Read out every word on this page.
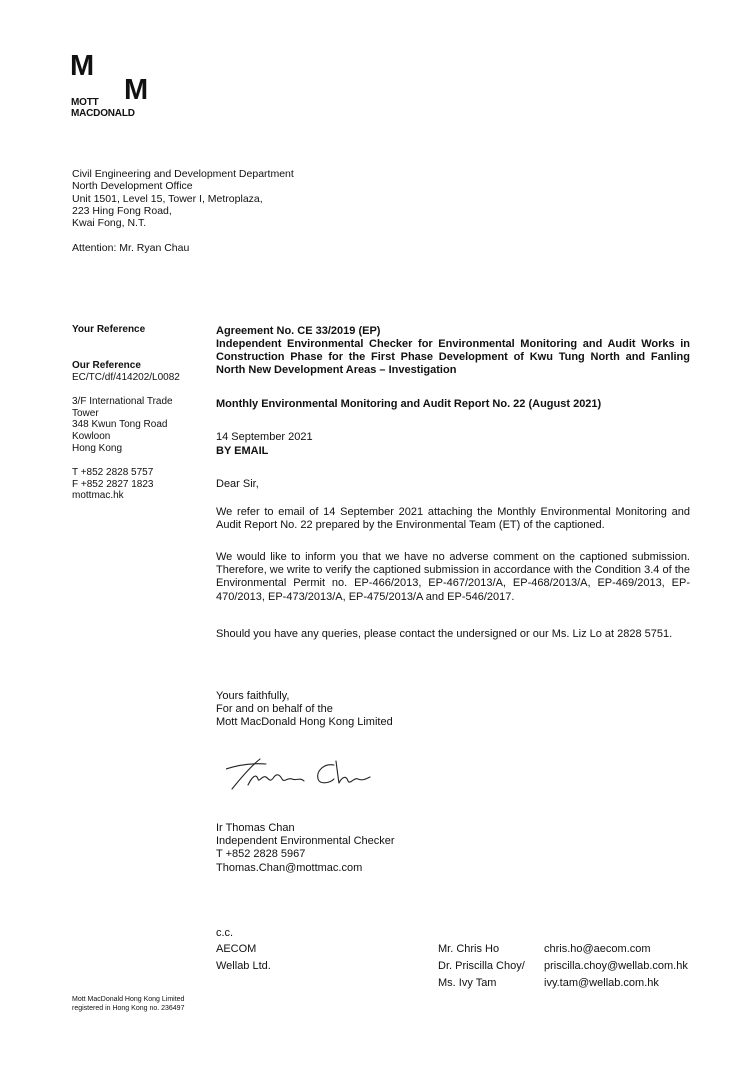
M
M
MOTT
MACDONALD
Civil Engineering and Development Department
North Development Office
Unit 1501, Level 15, Tower I, Metroplaza,
223 Hing Fong Road,
Kwai Fong, N.T.
Attention: Mr. Ryan Chau
Your Reference
Our Reference
EC/TC/df/414202/L0082
3/F International Trade
Tower
348 Kwun Tong Road
Kowloon
Hong Kong
T +852 2828 5757
F +852 2827 1823
mottmac.hk
Agreement No. CE 33/2019 (EP)
Independent Environmental Checker for Environmental Monitoring and Audit Works in Construction Phase for the First Phase Development of Kwu Tung North and Fanling North New Development Areas – Investigation
Monthly Environmental Monitoring and Audit Report No. 22 (August 2021)
14 September 2021
BY EMAIL
Dear Sir,
We refer to email of 14 September 2021 attaching the Monthly Environmental Monitoring and Audit Report No. 22 prepared by the Environmental Team (ET) of the captioned.
We would like to inform you that we have no adverse comment on the captioned submission. Therefore, we write to verify the captioned submission in accordance with the Condition 3.4 of the Environmental Permit no. EP-466/2013, EP-467/2013/A, EP-468/2013/A, EP-469/2013, EP-470/2013, EP-473/2013/A, EP-475/2013/A and EP-546/2017.
Should you have any queries, please contact the undersigned or our Ms. Liz Lo at 2828 5751.
Yours faithfully,
For and on behalf of the
Mott MacDonald Hong Kong Limited
Ir Thomas Chan
Independent Environmental Checker
T +852 2828 5967
Thomas.Chan@mottmac.com
c.c.
AECOM
Wellab Ltd.
Mr. Chris Ho
Dr. Priscilla Choy/
Ms. Ivy Tam
chris.ho@aecom.com
priscilla.choy@wellab.com.hk
ivy.tam@wellab.com.hk
Mott MacDonald Hong Kong Limited
registered in Hong Kong no. 236497
